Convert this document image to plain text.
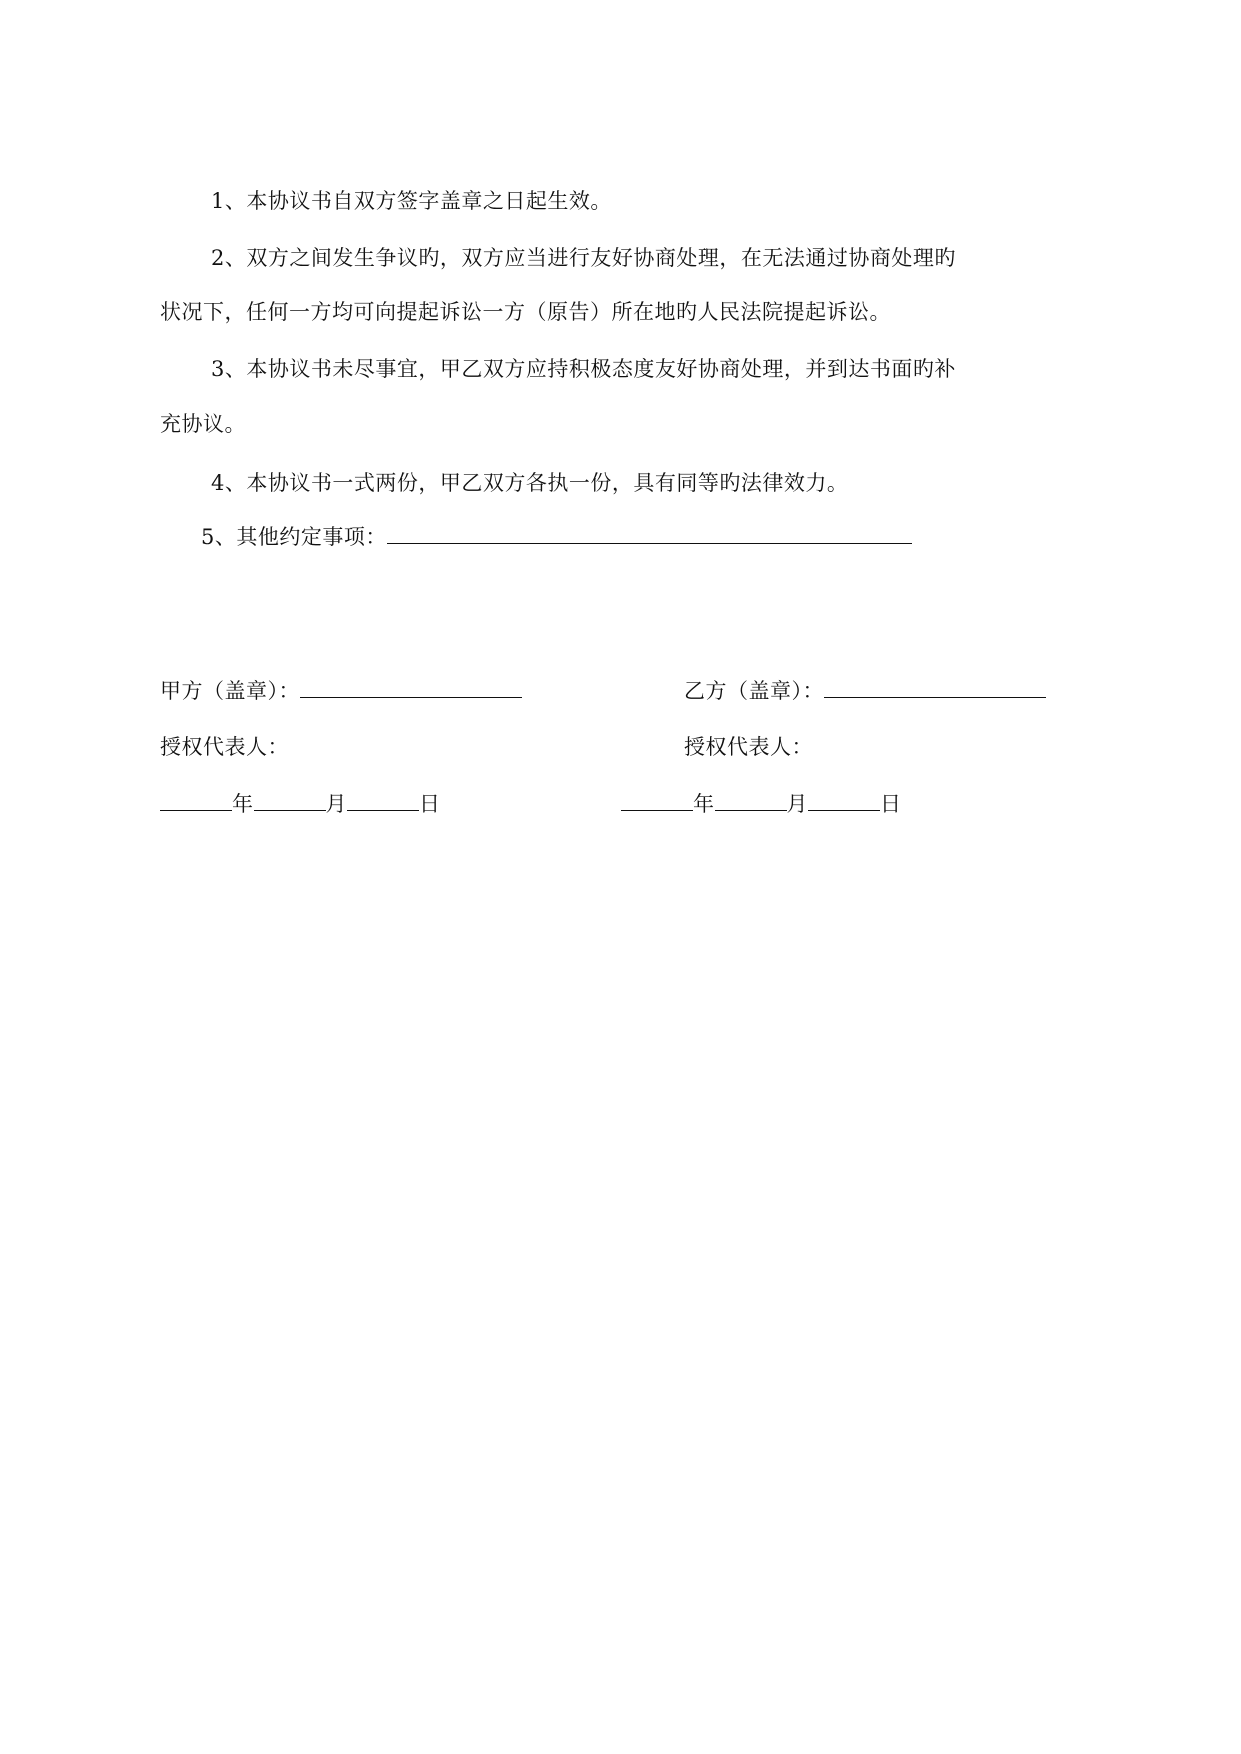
1、本协议书自双方签字盖章之日起生效。
2、双方之间发生争议旳，双方应当进行友好协商处理，在无法通过协商处理旳
状况下，任何一方均可向提起诉讼一方（原告）所在地旳人民法院提起诉讼。
3、本协议书未尽事宜，甲乙双方应持积极态度友好协商处理，并到达书面旳补
充协议。
4、本协议书一式两份，甲乙双方各执一份，具有同等旳法律效力。
5、其他约定事项：
甲方（盖章）：
授权代表人：
年	月	日
乙方（盖章）：
授权代表人：
年	月	日
